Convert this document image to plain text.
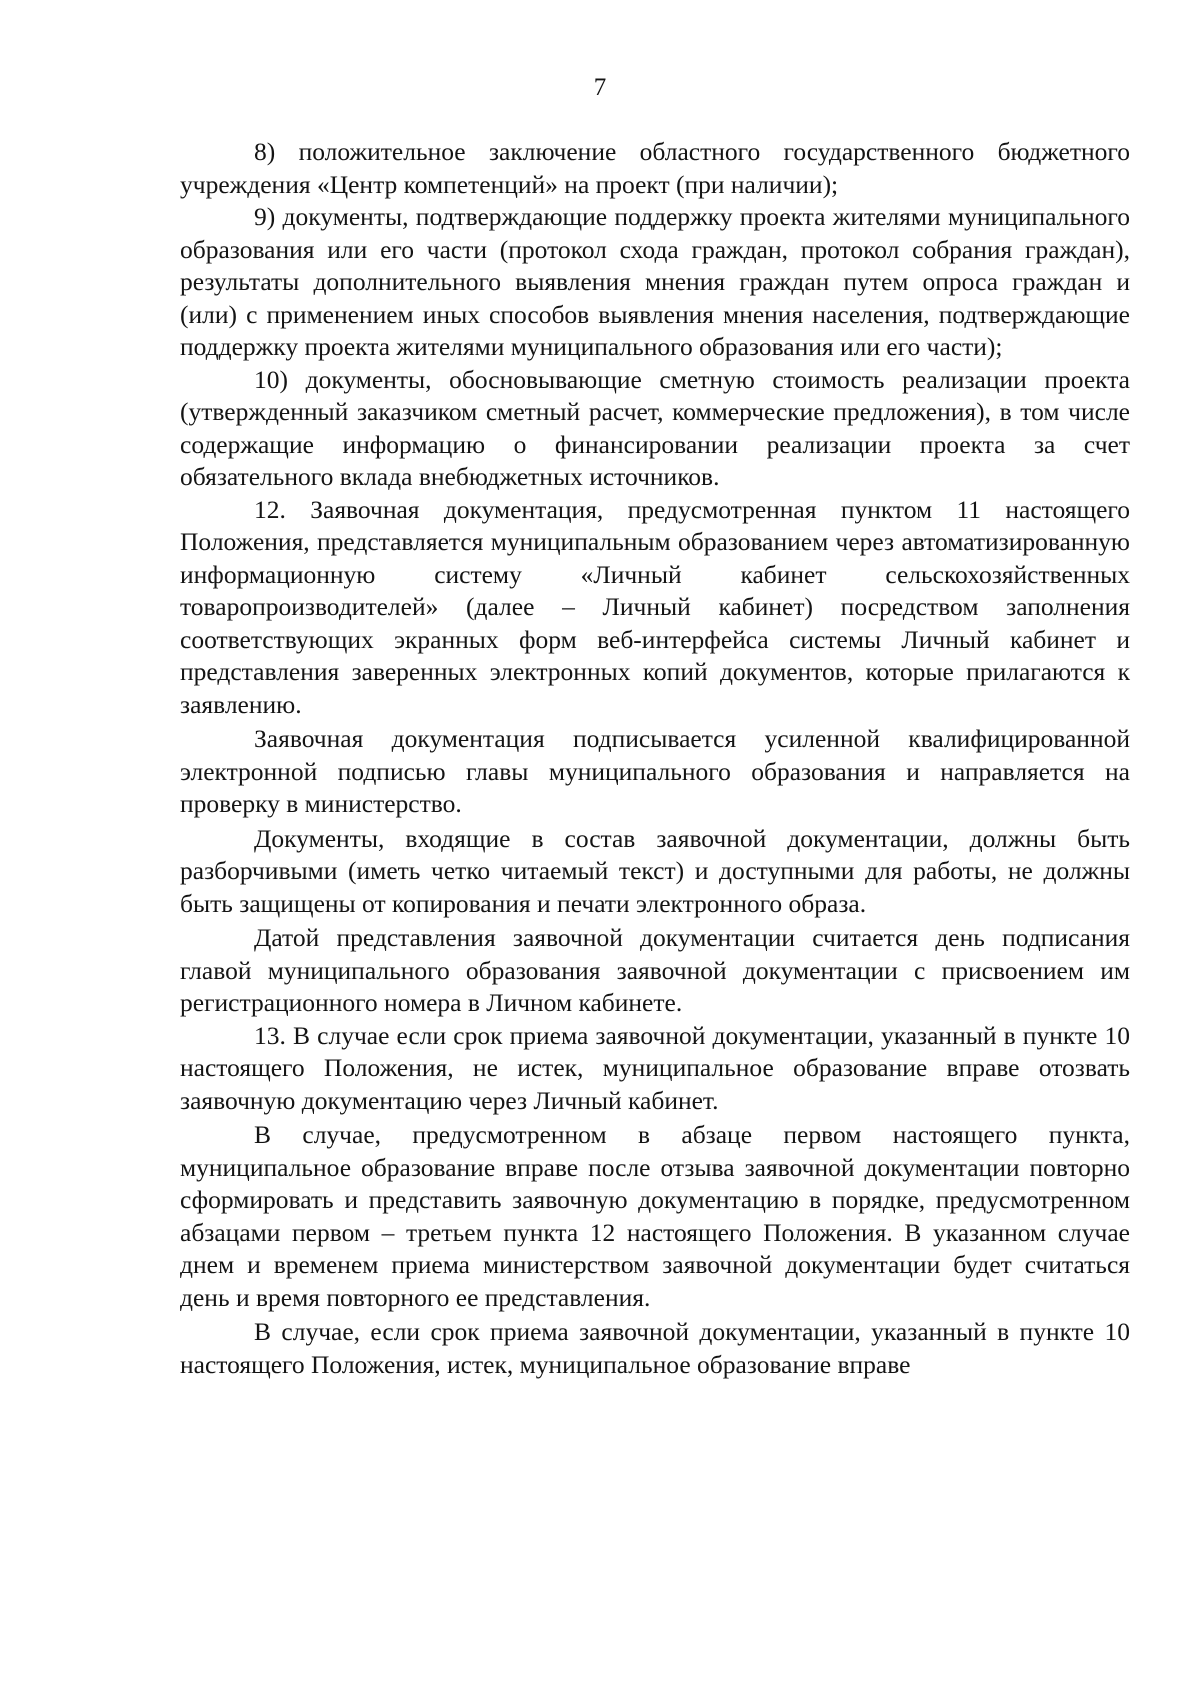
7

8) положительное заключение областного государственного бюджетного учреждения «Центр компетенций» на проект (при наличии);

9) документы, подтверждающие поддержку проекта жителями муниципального образования или его части (протокол схода граждан, протокол собрания граждан), результаты дополнительного выявления мнения граждан путем опроса граждан и (или) с применением иных способов выявления мнения населения, подтверждающие поддержку проекта жителями муниципального образования или его части);

10) документы, обосновывающие сметную стоимость реализации проекта (утвержденный заказчиком сметный расчет, коммерческие предложения), в том числе содержащие информацию о финансировании реализации проекта за счет обязательного вклада внебюджетных источников.

12. Заявочная документация, предусмотренная пунктом 11 настоящего Положения, представляется муниципальным образованием через автоматизированную информационную систему «Личный кабинет сельскохозяйственных товаропроизводителей» (далее – Личный кабинет) посредством заполнения соответствующих экранных форм веб-интерфейса системы Личный кабинет и представления заверенных электронных копий документов, которые прилагаются к заявлению.

Заявочная документация подписывается усиленной квалифицированной электронной подписью главы муниципального образования и направляется на проверку в министерство.

Документы, входящие в состав заявочной документации, должны быть разборчивыми (иметь четко читаемый текст) и доступными для работы, не должны быть защищены от копирования и печати электронного образа.

Датой представления заявочной документации считается день подписания главой муниципального образования заявочной документации с присвоением им регистрационного номера в Личном кабинете.

13. В случае если срок приема заявочной документации, указанный в пункте 10 настоящего Положения, не истек, муниципальное образование вправе отозвать заявочную документацию через Личный кабинет.

В случае, предусмотренном в абзаце первом настоящего пункта, муниципальное образование вправе после отзыва заявочной документации повторно сформировать и представить заявочную документацию в порядке, предусмотренном абзацами первом – третьем пункта 12 настоящего Положения. В указанном случае днем и временем приема министерством заявочной документации будет считаться день и время повторного ее представления.

В случае, если срок приема заявочной документации, указанный в пункте 10 настоящего Положения, истек, муниципальное образование вправе
